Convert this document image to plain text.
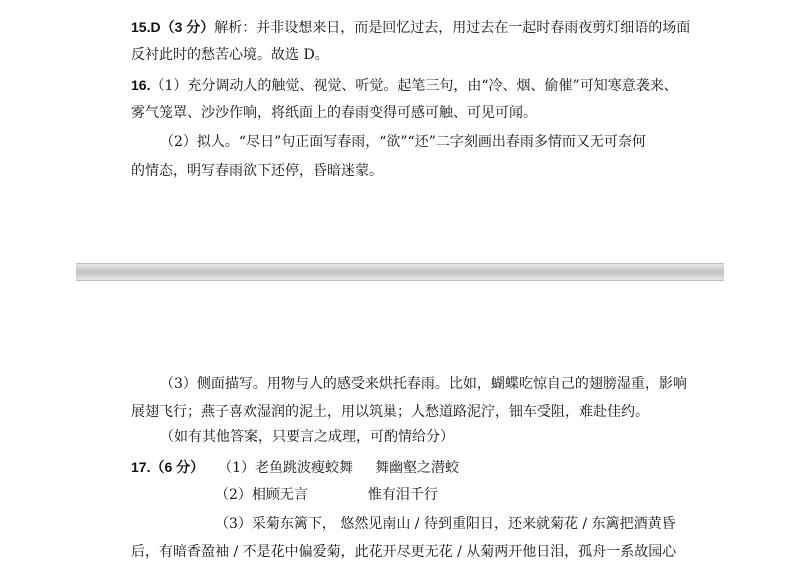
15.D（3 分）解析：并非设想来日，而是回忆过去，用过去在一起时春雨夜剪灯细语的场面
反衬此时的愁苦心境。故选 D。
16.（1）充分调动人的触觉、视觉、听觉。起笔三句，由“冷、烟、偷催”可知寒意袭来、
雾气笼罩、沙沙作响，将纸面上的春雨变得可感可触、可见可闻。
（2）拟人。“尽日”句正面写春雨，“欲”“还”二字刻画出春雨多情而又无可奈何
的情态，明写春雨欲下还停，昏暗迷蒙。
（3）侧面描写。用物与人的感受来烘托春雨。比如，蝴蝶吃惊自己的翅膀湿重，影响
展翅飞行；燕子喜欢湿润的泥土，用以筑巢；人愁道路泥泞，钿车受阻，难赴佳约。
（如有其他答案，只要言之成理，可酌情给分）
17.（6 分） （1）老鱼跳波瘦蛟舞 舞幽壑之潜蛟
（2）相顾无言	惟有泪千行
（3）采菊东篱下， 悠然见南山 / 待到重阳日，还来就菊花 / 东篱把酒黄昏
后，有暗香盈袖 / 不是花中偏爱菊，此花开尽更无花 / 从菊两开他日泪，孤舟一系故园心
